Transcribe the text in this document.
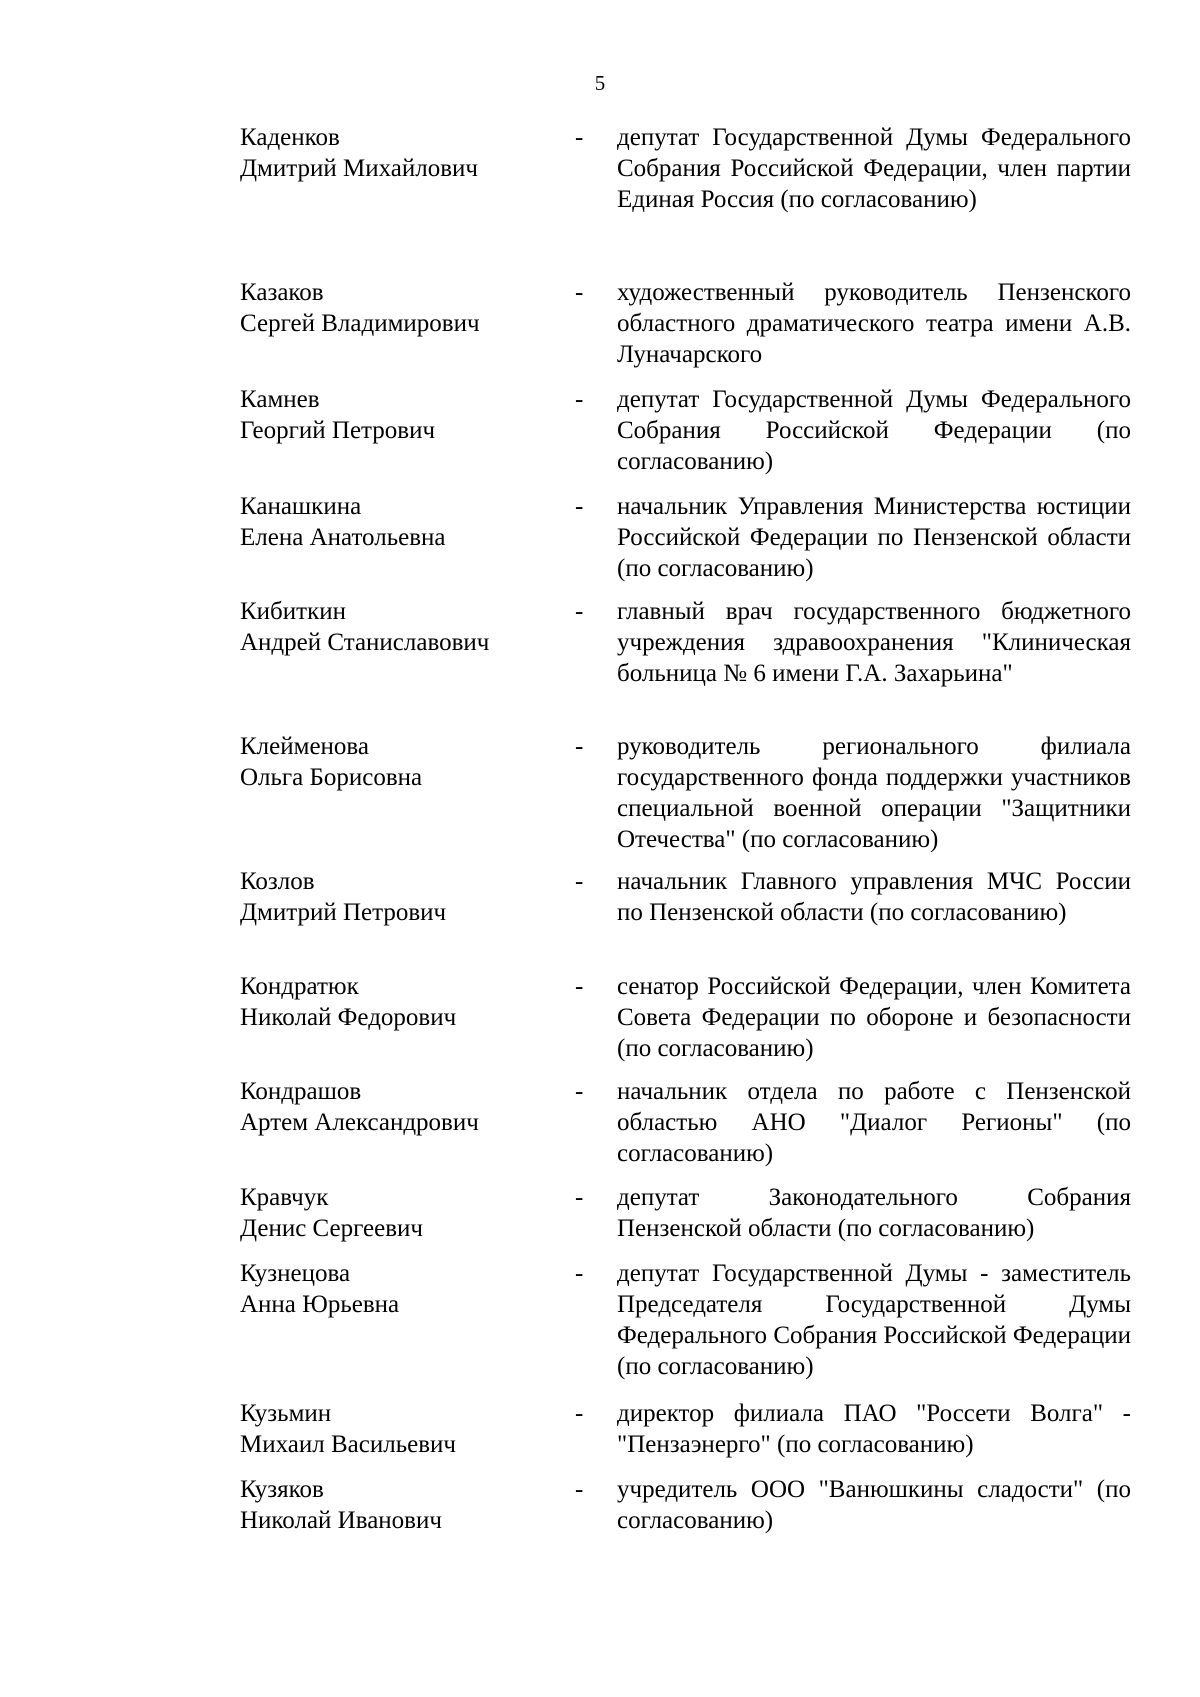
5
Каденков
Дмитрий Михайлович
-	депутат Государственной Думы Федерального Собрания Российской Федерации, член партии Единая Россия (по согласованию)
Казаков
Сергей Владимирович
-	художественный руководитель Пензенского областного драматического театра имени А.В. Луначарского
Камнев
Георгий Петрович
-	депутат Государственной Думы Федерального Собрания Российской Федерации (по согласованию)
Канашкина
Елена Анатольевна
-	начальник Управления Министерства юстиции Российской Федерации по Пензенской области (по согласованию)
Кибиткин
Андрей Станиславович
-	главный врач государственного бюджетного учреждения здравоохранения "Клиническая больница № 6 имени Г.А. Захарьина"
Клейменова
Ольга Борисовна
-	руководитель регионального филиала государственного фонда поддержки участников специальной военной операции "Защитники Отечества" (по согласованию)
Козлов
Дмитрий Петрович
-	начальник Главного управления МЧС России по Пензенской области (по согласованию)
Кондратюк
Николай Федорович
-	сенатор Российской Федерации, член Комитета Совета Федерации по обороне и безопасности (по согласованию)
Кондрашов
Артем Александрович
-	начальник отдела по работе с Пензенской областью АНО "Диалог Регионы" (по согласованию)
Кравчук
Денис Сергеевич
-	депутат Законодательного Собрания Пензенской области (по согласованию)
Кузнецова
Анна Юрьевна
-	депутат Государственной Думы - заместитель Председателя Государственной Думы Федерального Собрания Российской Федерации (по согласованию)
Кузьмин
Михаил Васильевич
-	директор филиала ПАО "Россети Волга" - "Пензаэнерго" (по согласованию)
Кузяков
Николай Иванович
-	учредитель ООО "Ванюшкины сладости" (по согласованию)
